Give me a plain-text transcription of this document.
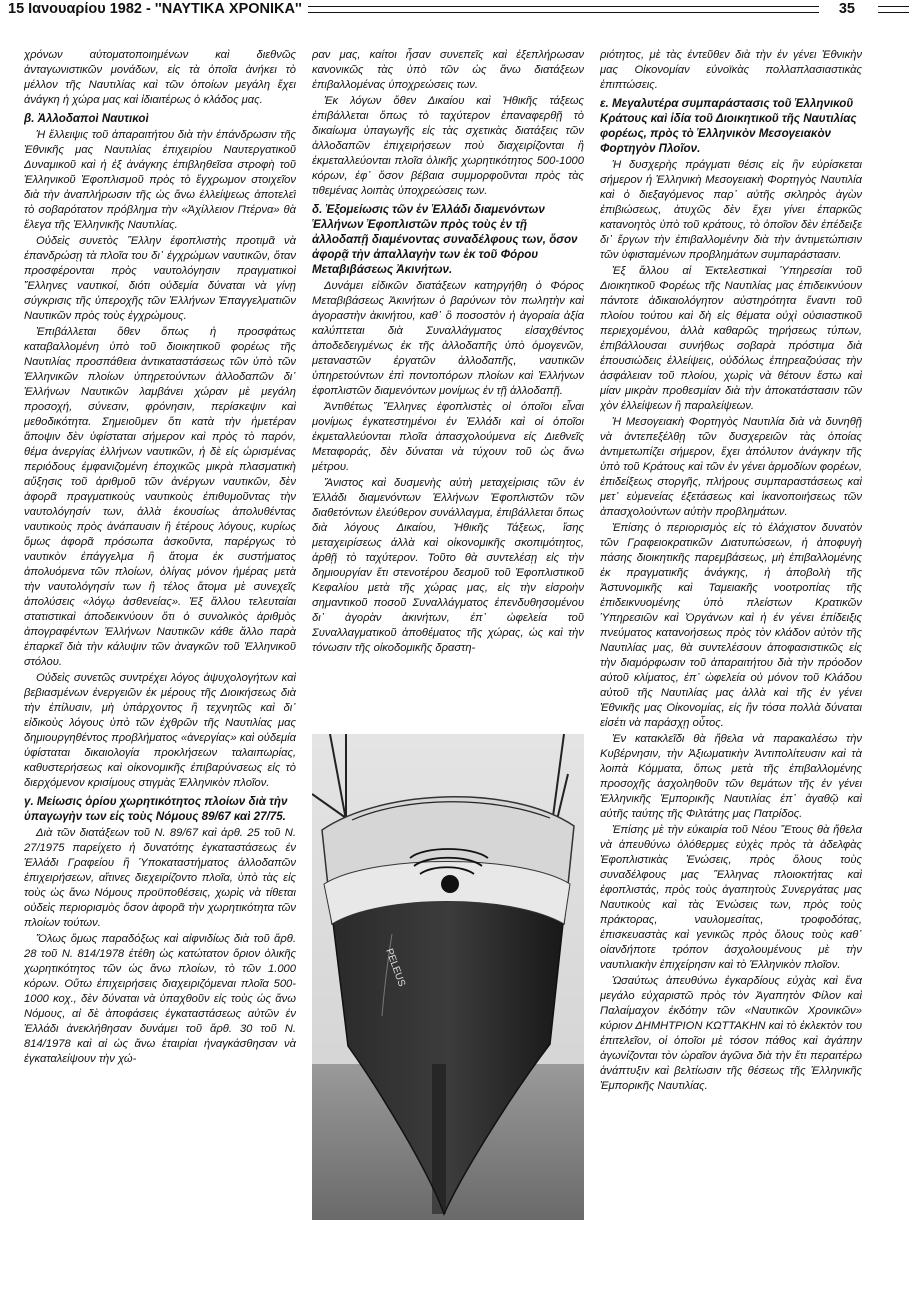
15 Ιανουαρίου 1982 - ''ΝΑΥΤΙΚΑ ΧΡΟΝΙΚΑ''	35

χρόνων αὐτοματοποιημένων καὶ διεθνῶς ἀνταγωνιστικῶν μονάδων, εἰς τὰ ὁποῖα ἀνήκει τὸ μέλλον τῆς Ναυτιλίας καὶ τῶν ὁποίων μεγάλη ἔχει ἀνάγκη ἡ χώρα μας καὶ ἰδιαιτέρως ὁ κλάδος μας.

β. Ἀλλοδαποὶ Ναυτικοὶ

Ἡ ἔλλειψις τοῦ ἀπαραιτήτου διὰ τὴν ἐπάνδρωσιν τῆς Ἐθνικῆς μας Ναυτιλίας ἐπιχειρίου Ναυτεργατικοῦ Δυναμικοῦ καὶ ἡ ἐξ ἀνάγκης ἐπιβληθεῖσα στροφὴ τοῦ Ἑλληνικοῦ Ἐφοπλισμοῦ πρὸς τὸ ἔγχρωμον στοιχεῖον διὰ τὴν ἀναπλήρωσιν τῆς ὡς ἄνω ἐλλείψεως ἀποτελεῖ τὸ σοβαρότατον πρόβλημα τὴν «Ἀχίλλειον Πτέρνα» θὰ ἔλεγα τῆς Ἑλληνικῆς Ναυτιλίας.

Οὐδεὶς συνετὸς Ἕλλην ἐφοπλιστὴς προτιμᾶ νὰ ἐπανδρώσῃ τὰ πλοῖα του δι᾽ ἐγχρώμων ναυτικῶν, ὅταν προσφέρονται πρὸς ναυτολόγησιν πραγματικοὶ Ἕλληνες ναυτικοί, διότι οὐδεμία δύναται νὰ γίνῃ σύγκρισις τῆς ὑπεροχῆς τῶν Ἑλλήνων Ἐπαγγελματιῶν Ναυτικῶν πρὸς τοὺς ἐγχρώμους.

Ἐπιβάλλεται ὅθεν ὅπως ἡ προσφάτως καταβαλλομένη ὑπὸ τοῦ διοικητικοῦ φορέως τῆς Ναυτιλίας προσπάθεια ἀντικαταστάσεως τῶν ὑπὸ τῶν Ἑλληνικῶν πλοίων ὑπηρετούντων ἀλλοδαπῶν δι᾽ Ἑλλήνων Ναυτικῶν λαμβάνει χώραν μὲ μεγάλη προσοχή, σύνεσιν, φρόνησιν, περίσκεψιν καὶ μεθοδικότητα. Σημειοῦμεν ὅτι κατὰ τὴν ἡμετέραν ἄποψιν δὲν ὑφίσταται σήμερον καὶ πρὸς τὸ παρόν, θέμα ἀνεργίας ἑλλήνων ναυτικῶν, ἡ δὲ εἰς ὡρισμένας περιόδους ἐμφανιζομένη ἐποχικῶς μικρὰ πλασματικὴ αὔξησις τοῦ ἀριθμοῦ τῶν ἀνέργων ναυτικῶν, δὲν ἀφορᾶ πραγματικοὺς ναυτικοὺς ἐπιθυμοῦντας τὴν ναυτολόγησίν των, ἀλλὰ ἑκουσίως ἀπολυθέντας ναυτικοὺς πρὸς ἀνάπαυσιν ἢ ἑτέρους λόγους, κυρίως ὅμως ἀφορᾶ πρόσωπα ἀσκοῦντα, παρέργως τὸ ναυτικὸν ἐπάγγελμα ἢ ἄτομα ἐκ συστήματος ἀπολυόμενα τῶν πλοίων, ὀλίγας μόνον ἡμέρας μετὰ τὴν ναυτολόγησίν των ἢ τέλος ἄτομα μὲ συνεχεῖς ἀπολύσεις «λόγῳ ἀσθενείας». Ἐξ ἄλλου τελευταίαι στατιστικαὶ ἀποδεικνύουν ὅτι ὁ συνολικὸς ἀριθμὸς ἀπογραφέντων Ἑλλήνων Ναυτικῶν κάθε ἄλλο παρὰ ἐπαρκεῖ διὰ τὴν κάλυψιν τῶν ἀναγκῶν τοῦ Ἑλληνικοῦ στόλου.

Οὐδεὶς συνετῶς συντρέχει λόγος ἀψυχολογήτων καὶ βεβιασμένων ἐνεργειῶν ἐκ μέρους τῆς Διοικήσεως διὰ τὴν ἐπίλυσιν, μὴ ὑπάρχοντος ἢ τεχνητῶς καὶ δι᾽ εἰδικοὺς λόγους ὑπὸ τῶν ἐχθρῶν τῆς Ναυτιλίας μας δημιουργηθέντος προβλήματος «ἀνεργίας» καὶ οὐδεμία ὑφίσταται δικαιολογία προκλήσεων ταλαιπωρίας, καθυστερήσεως καὶ οἰκονομικῆς ἐπιβαρύνσεως εἰς τὸ διερχόμενον κρισίμους στιγμὰς Ἑλληνικὸν πλοῖον.

γ. Μείωσις ὁρίου χωρητικότητος πλοίων διὰ τὴν ὑπαγωγὴν των εἰς τοὺς Νόμους 89/67 καὶ 27/75.

Διὰ τῶν διατάξεων τοῦ Ν. 89/67 καὶ ἀρθ. 25 τοῦ Ν. 27/1975 παρείχετο ἡ δυνατότης ἐγκαταστάσεως ἐν Ἑλλάδι Γραφείου ἢ Ὑποκαταστήματος ἀλλοδαπῶν ἐπιχειρήσεων, αἵτινες διεχειρίζοντο πλοῖα, ὑπὸ τὰς εἰς τοὺς ὡς ἄνω Νόμους προϋποθέσεις, χωρὶς νὰ τίθεται οὐδεὶς περιορισμὸς ὅσον ἀφορᾶ τὴν χωρητικότητα τῶν πλοίων τούτων.

Ὅλως ὅμως παραδόξως καὶ αἰφνιδίως διὰ τοῦ ἄρθ. 28 τοῦ Ν. 814/1978 ἐτέθη ὡς κατώτατον ὅριον ὁλικῆς χωρητικότητος τῶν ὡς ἄνω πλοίων, τὸ τῶν 1.000 κόρων. Οὕτω ἐπιχειρήσεις διαχειριζόμεναι πλοῖα 500-1000 κοχ., δὲν δύναται νὰ ὑπαχθοῦν εἰς τοὺς ὡς ἄνω Νόμους, αἱ δὲ ἀποφάσεις ἐγκαταστάσεως αὐτῶν ἐν Ἑλλάδι ἀνεκλήθησαν δυνάμει τοῦ ἄρθ. 30 τοῦ Ν. 814/1978 καὶ αἱ ὡς ἄνω ἑταιρίαι ἠναγκάσθησαν νὰ ἐγκαταλείψουν τὴν χώ-

ραν μας, καίτοι ἦσαν συνεπεῖς καὶ ἐξεπλήρωσαν κανονικῶς τὰς ὑπὸ τῶν ὡς ἄνω διατάξεων ἐπιβαλλομένας ὑποχρεώσεις των.

Ἐκ λόγων ὅθεν Δικαίου καὶ Ἠθικῆς τάξεως ἐπιβάλλεται ὅπως τὸ ταχύτερον ἐπαναφερθῇ τὸ δικαίωμα ὑπαγωγῆς εἰς τὰς σχετικὰς διατάξεις τῶν ἀλλοδαπῶν ἐπιχειρήσεων ποὺ διαχειρίζονται ἢ ἐκμεταλλεύονται πλοῖα ὁλικῆς χωρητικότητος 500-1000 κόρων, ἐφ᾽ ὅσον βέβαια συμμορφοῦνται πρὸς τὰς τιθεμένας λοιπὰς ὑποχρεώσεις των.

δ. Ἐξομείωσις τῶν ἐν Ἑλλάδι διαμενόντων Ἑλλήνων Ἐφοπλιστῶν πρὸς τοὺς ἐν τῇ ἀλλοδαπῇ διαμένοντας συναδέλφους των, ὅσον ἀφορᾷ τὴν ἀπαλλαγὴν των ἐκ τοῦ Φόρου Μεταβιβάσεως Ἀκινήτων.

Δυνάμει εἰδικῶν διατάξεων κατηργήθη ὁ Φόρος Μεταβιβάσεως Ἀκινήτων ὁ βαρύνων τὸν πωλητὴν καὶ ἀγοραστὴν ἀκινήτου, καθ᾽ ὃ ποσοστὸν ἡ ἀγοραία ἀξία καλύπτεται διὰ Συναλλάγματος εἰσαχθέντος ἀποδεδειγμένως ἐκ τῆς ἀλλοδαπῆς ὑπὸ ὁμογενῶν, μεταναστῶν ἐργατῶν ἀλλοδαπῆς, ναυτικῶν ὑπηρετούντων ἐπὶ ποντοπόρων πλοίων καὶ Ἑλλήνων ἐφοπλιστῶν διαμενόντων μονίμως ἐν τῇ ἀλλοδαπῇ.

Ἀντιθέτως Ἕλληνες ἐφοπλιστὲς οἱ ὁποῖοι εἶναι μονίμως ἐγκατεστημένοι ἐν Ἑλλάδι καὶ οἱ ὁποῖοι ἐκμεταλλεύονται πλοῖα ἀπασχολούμενα εἰς Διεθνεῖς Μεταφοράς, δὲν δύναται νὰ τύχουν τοῦ ὡς ἄνω μέτρου.

Ἄνιστος καὶ δυσμενὴς αὐτὴ μεταχείρισις τῶν ἐν Ἑλλάδι διαμενόντων Ἑλλήνων Ἐφοπλιστῶν τῶν διαθετόντων ἐλεύθερον συνάλλαγμα, ἐπιβάλλεται ὅπως διὰ λόγους Δικαίου, Ἠθικῆς Τάξεως, ἴσης μεταχειρίσεως ἀλλὰ καὶ οἰκονομικῆς σκοπιμότητος, ἀρθῇ τὸ ταχύτερον. Τοῦτο θὰ συντελέσῃ εἰς τὴν δημιουργίαν ἔτι στενοτέρου δεσμοῦ τοῦ Ἐφοπλιστικοῦ Κεφαλίου μετὰ τῆς χώρας μας, εἰς τὴν εἰσροὴν σημαντικοῦ ποσοῦ Συναλλάγματος ἐπενδυθησομένου δι᾽ ἀγορὰν ἀκινήτων, ἐπ᾽ ὠφελεία τοῦ Συναλλαγματικοῦ ἀποθέματος τῆς χώρας, ὡς καὶ τὴν τόνωσιν τῆς οἰκοδομικῆς δραστη-

PELEUS

ριότητος, μὲ τὰς ἐντεῦθεν διὰ τὴν ἐν γένει Ἐθνικὴν μας Οἰκονομίαν εὐνοϊκὰς πολλαπλασιαστικὰς ἐπιπτώσεις.

ε. Μεγαλυτέρα συμπαράστασις τοῦ Ἑλληνικοῦ Κράτους καὶ ἰδία τοῦ Διοικητικοῦ τῆς Ναυτιλίας φορέως, πρὸς τὸ Ἑλληνικὸν Μεσογειακὸν Φορτηγὸν Πλοῖον.

Ἡ δυσχερὴς πράγματι θέσις εἰς ἣν εὑρίσκεται σήμερον ἡ Ἑλληνικὴ Μεσογειακὴ Φορτηγὸς Ναυτιλία καὶ ὁ διεξαγόμενος παρ᾽ αὐτῆς σκληρὸς ἀγὼν ἐπιβιώσεως, ἀτυχῶς δὲν ἔχει γίνει ἐπαρκῶς κατανοητὸς ὑπὸ τοῦ κράτους, τὸ ὁποῖον δὲν ἐπέδειξε δι᾽ ἔργων τὴν ἐπιβαλλομένην διὰ τὴν ἀντιμετώπισιν τῶν ὑφισταμένων προβλημάτων συμπαράστασιν.

Ἐξ ἄλλου αἱ Ἐκτελεστικαὶ Ὑπηρεσίαι τοῦ Διοικητικοῦ Φορέως τῆς Ναυτιλίας μας ἐπιδεικνύουν πάντοτε ἀδικαιολόγητον αὐστηρότητα ἔναντι τοῦ πλοίου τούτου καὶ δὴ εἰς θέματα οὐχὶ οὐσιαστικοῦ περιεχομένου, ἀλλὰ καθαρῶς τηρήσεως τύπων, ἐπιβάλλουσαι συνήθως σοβαρὰ πρόστιμα διὰ ἐπουσιώδεις ἐλλείψεις, οὐδόλως ἐπηρεαζούσας τὴν ἀσφάλειαν τοῦ πλοίου, χωρὶς νὰ θέτουν ἔστω καὶ μίαν μικρὰν προθεσμίαν διὰ τὴν ἀποκατάστασιν τῶν χὸν ἐλλείψεων ἢ παραλείψεων.

Ἡ Μεσογειακὴ Φορτηγὸς Ναυτιλία διὰ νὰ δυνηθῇ νὰ ἀντεπεξέλθῃ τῶν δυσχερειῶν τὰς ὁποίας ἀντιμετωπίζει σήμερον, ἔχει ἀπόλυτον ἀνάγκην τῆς ὑπὸ τοῦ Κράτους καὶ τῶν ἐν γένει ἁρμοδίων φορέων, ἐπιδείξεως στοργῆς, πλήρους συμπαραστάσεως καὶ μετ᾽ εὐμενείας ἐξετάσεως καὶ ἱκανοποιήσεως τῶν ἀπασχολούντων αὐτὴν προβλημάτων.

Ἐπίσης ὁ περιορισμὸς εἰς τὸ ἐλάχιστον δυνατὸν τῶν Γραφειοκρατικῶν Διατυπώσεων, ἡ ἀποφυγὴ πάσης διοικητικῆς παρεμβάσεως, μὴ ἐπιβαλλομένης ἐκ πραγματικῆς ἀνάγκης, ἡ ἀποβολὴ τῆς Ἀστυνομικῆς καὶ Ταμειακῆς νοοτροπίας τῆς ἐπιδεικνυομένης ὑπὸ πλείστων Κρατικῶν Ὑπηρεσιῶν καὶ Ὀργάνων καὶ ἡ ἐν γένει ἐπίδειξις πνεύματος κατανοήσεως πρὸς τὸν κλάδον αὐτὸν τῆς Ναυτιλίας μας, θὰ συντελέσουν ἀποφασιστικῶς εἰς τὴν διαμόρφωσιν τοῦ ἀπαραιτήτου διὰ τὴν πρόοδον αὐτοῦ κλίματος, ἐπ᾽ ὠφελεία οὐ μόνον τοῦ Κλάδου αὐτοῦ τῆς Ναυτιλίας μας ἀλλὰ καὶ τῆς ἐν γένει Ἐθνικῆς μας Οἰκονομίας, εἰς ἣν τόσα πολλὰ δύναται εἰσέτι νὰ παράσχῃ οὗτος.

Ἐν κατακλεῖδι θὰ ἤθελα νὰ παρακαλέσω τὴν Κυβέρνησιν, τὴν Ἀξιωματικὴν Ἀντιπολίτευσιν καὶ τὰ λοιπὰ Κόμματα, ὅπως μετὰ τῆς ἐπιβαλλομένης προσοχῆς ἀσχοληθοῦν τῶν θεμάτων τῆς ἐν γένει Ἑλληνικῆς Ἐμπορικῆς Ναυτιλίας ἐπ᾽ ἀγαθῷ καὶ αὐτῆς ταύτης τῆς Φιλτάτης μας Πατρίδος.

Ἐπίσης μὲ τὴν εὐκαιρία τοῦ Νέου Ἔτους θὰ ἤθελα νὰ ἀπευθύνω ὁλόθερμες εὐχὲς πρὸς τὰ ἀδελφὰς Ἐφοπλιστικὰς Ἑνώσεις, πρὸς ὅλους τοὺς συναδέλφους μας Ἕλληνας πλοιοκτήτας καὶ ἐφοπλιστάς, πρὸς τοὺς ἀγαπητοὺς Συνεργάτας μας Ναυτικοὺς καὶ τὰς Ἑνώσεις των, πρὸς τοὺς πράκτορας, ναυλομεσίτας, τροφοδότας, ἐπισκευαστὰς καὶ γενικῶς πρὸς ὅλους τοὺς καθ᾽ οἱανδήποτε τρόπον ἀσχολουμένους μὲ τὴν ναυτιλιακὴν ἐπιχείρησιν καὶ τὸ Ἑλληνικὸν πλοῖον.

Ὡσαύτως ἀπευθύνω ἐγκαρδίους εὐχὰς καὶ ἕνα μεγάλο εὐχαριστῶ πρὸς τὸν Ἀγαπητὸν Φίλον καὶ Παλαίμαχον ἐκδότην τῶν «Ναυτικῶν Χρονικῶν» κύριον ΔΗΜΗΤΡΙΟΝ ΚΩΤΤΑΚΗΝ καὶ τὸ ἐκλεκτὸν του ἐπιτελεῖον, οἱ ὁποῖοι μὲ τόσον πάθος καὶ ἀγάπην ἀγωνίζονται τὸν ὡραῖον ἀγῶνα διὰ τὴν ἔτι περαιτέρω ἀνάπτυξιν καὶ βελτίωσιν τῆς θέσεως τῆς Ἑλληνικῆς Ἐμπορικῆς Ναυτιλίας.
